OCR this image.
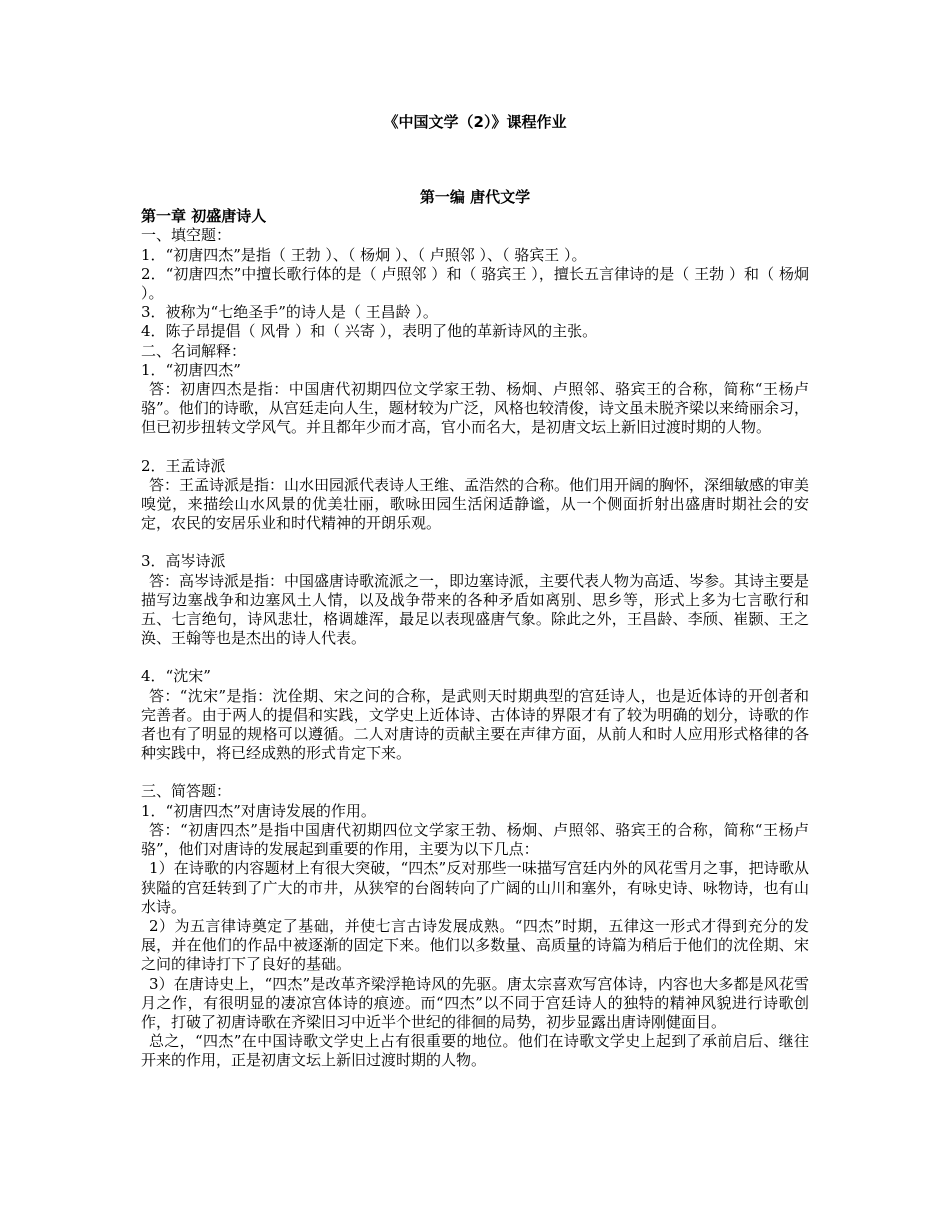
《中国文学（2）》课程作业
第一编 唐代文学
第一章 初盛唐诗人

一、填空题：

1．“初唐四杰”是指（ 王勃 ）、（ 杨炯 ）、（ 卢照邻 ）、（ 骆宾王 ）。

2．“初唐四杰”中擅长歌行体的是（ 卢照邻 ）和（ 骆宾王 ），擅长五言律诗的是（ 王勃 ）和（ 杨炯 ）。

3．被称为“七绝圣手”的诗人是（ 王昌龄 ）。

4．陈子昂提倡（ 风骨 ）和（ 兴寄 ），表明了他的革新诗风的主张。

二、名词解释：

1．“初唐四杰”

答：初唐四杰是指：中国唐代初期四位文学家王勃、杨炯、卢照邻、骆宾王的合称，简称“王杨卢骆”。他们的诗歌，从宫廷走向人生，题材较为广泛，风格也较清俊，诗文虽未脱齐梁以来绮丽余习，但已初步扭转文学风气。并且都年少而才高，官小而名大，是初唐文坛上新旧过渡时期的人物。

2．王孟诗派

答：王孟诗派是指：山水田园派代表诗人王维、孟浩然的合称。他们用开阔的胸怀，深细敏感的审美嗅觉，来描绘山水风景的优美壮丽，歌咏田园生活闲适静谧，从一个侧面折射出盛唐时期社会的安定，农民的安居乐业和时代精神的开朗乐观。

3．高岑诗派

答：高岑诗派是指：中国盛唐诗歌流派之一，即边塞诗派，主要代表人物为高适、岑参。其诗主要是描写边塞战争和边塞风土人情，以及战争带来的各种矛盾如离别、思乡等，形式上多为七言歌行和五、七言绝句，诗风悲壮，格调雄浑，最足以表现盛唐气象。除此之外，王昌龄、李颀、崔颢、王之涣、王翰等也是杰出的诗人代表。

4．“沈宋”

答：“沈宋”是指：沈佺期、宋之问的合称，是武则天时期典型的宫廷诗人，也是近体诗的开创者和完善者。由于两人的提倡和实践，文学史上近体诗、古体诗的界限才有了较为明确的划分，诗歌的作者也有了明显的规格可以遵循。二人对唐诗的贡献主要在声律方面，从前人和时人应用形式格律的各种实践中，将已经成熟的形式肯定下来。

三、简答题：

1．“初唐四杰”对唐诗发展的作用。

答：“初唐四杰”是指中国唐代初期四位文学家王勃、杨炯、卢照邻、骆宾王的合称，简称“王杨卢骆”，他们对唐诗的发展起到重要的作用，主要为以下几点：

1）在诗歌的内容题材上有很大突破，“四杰”反对那些一味描写宫廷内外的风花雪月之事，把诗歌从狭隘的宫廷转到了广大的市井，从狭窄的台阁转向了广阔的山川和塞外，有咏史诗、咏物诗，也有山水诗。

2）为五言律诗奠定了基础，并使七言古诗发展成熟。“四杰”时期，五律这一形式才得到充分的发展，并在他们的作品中被逐渐的固定下来。他们以多数量、高质量的诗篇为稍后于他们的沈佺期、宋之问的律诗打下了良好的基础。

3）在唐诗史上，“四杰”是改革齐梁浮艳诗风的先驱。唐太宗喜欢写宫体诗，内容也大多都是风花雪月之作，有很明显的凄凉宫体诗的痕迹。而“四杰”以不同于宫廷诗人的独特的精神风貌进行诗歌创作，打破了初唐诗歌在齐梁旧习中近半个世纪的徘徊的局势，初步显露出唐诗刚健面目。

总之，“四杰”在中国诗歌文学史上占有很重要的地位。他们在诗歌文学史上起到了承前启后、继往开来的作用，正是初唐文坛上新旧过渡时期的人物。
